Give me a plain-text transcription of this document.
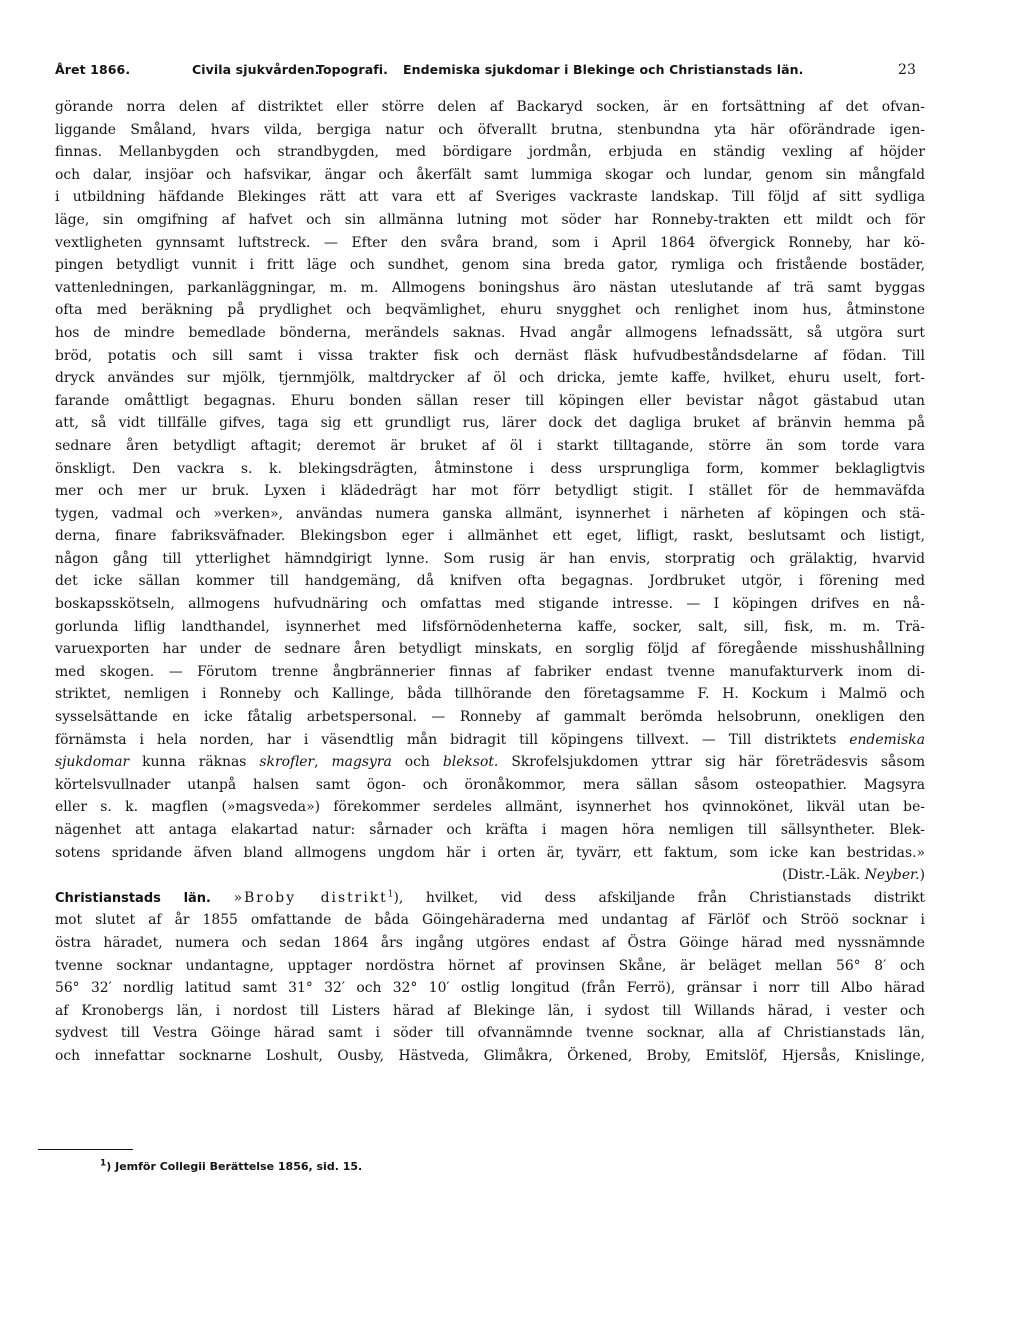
Året 1866.	Civila sjukvården.
Topografi. Endemiska sjukdomar i Blekinge och Christianstads län.	23
görande norra delen af distriktet eller större delen af Backaryd socken, är en fortsättning af det ofvan-
liggande Småland, hvars vilda, bergiga natur och öfverallt brutna, stenbundna yta här oförändrade igen-
finnas. Mellanbygden och strandbygden, med bördigare jordmån, erbjuda en ständig vexling af höjder
och dalar, insjöar och hafsvikar, ängar och åkerfält samt lummiga skogar och lundar, genom sin mångfald
i utbildning häfdande Blekinges rätt att vara ett af Sveriges vackraste landskap. Till följd af sitt sydliga
läge, sin omgifning af hafvet och sin allmänna lutning mot söder har Ronneby-trakten ett mildt och för
vextligheten gynnsamt luftstreck. — Efter den svåra brand, som i April 1864 öfvergick Ronneby, har kö-
pingen betydligt vunnit i fritt läge och sundhet, genom sina breda gator, rymliga och fristående bostäder,
vattenledningen, parkanläggningar, m. m. Allmogens boningshus äro nästan uteslutande af trä samt byggas
ofta med beräkning på prydlighet och beqvämlighet, ehuru snygghet och renlighet inom hus, åtminstone
hos de mindre bemedlade bönderna, merändels saknas. Hvad angår allmogens lefnadssätt, så utgöra surt
bröd, potatis och sill samt i vissa trakter fisk och dernäst fläsk hufvudbeståndsdelarne af födan. Till
dryck användes sur mjölk, tjernmjölk, maltdrycker af öl och dricka, jemte kaffe, hvilket, ehuru uselt, fort-
farande omåttligt begagnas. Ehuru bonden sällan reser till köpingen eller bevistar något gästabud utan
att, så vidt tillfälle gifves, taga sig ett grundligt rus, lärer dock det dagliga bruket af bränvin hemma på
sednare åren betydligt aftagit; deremot är bruket af öl i starkt tilltagande, större än som torde vara
önskligt. Den vackra s. k. blekingsdrägten, åtminstone i dess ursprungliga form, kommer beklagligtvis
mer och mer ur bruk. Lyxen i klädedrägt har mot förr betydligt stigit. I stället för de hemmaväfda
tygen, vadmal och »verken», användas numera ganska allmänt, isynnerhet i närheten af köpingen och stä-
derna, finare fabriksväfnader. Blekingsbon eger i allmänhet ett eget, lifligt, raskt, beslutsamt och listigt,
någon gång till ytterlighet hämndgirigt lynne. Som rusig är han envis, storpratig och grälaktig, hvarvid
det icke sällan kommer till handgemäng, då knifven ofta begagnas. Jordbruket utgör, i förening med
boskapsskötseln, allmogens hufvudnäring och omfattas med stigande intresse. — I köpingen drifves en nå-
gorlunda liflig landthandel, isynnerhet med lifsförnödenheterna kaffe, socker, salt, sill, fisk, m. m. Trä-
varuexporten har under de sednare åren betydligt minskats, en sorglig följd af föregående misshushållning
med skogen. — Förutom trenne ångbrännerier finnas af fabriker endast tvenne manufakturverk inom di-
striktet, nemligen i Ronneby och Kallinge, båda tillhörande den företagsamme F. H. Kockum i Malmö och
sysselsättande en icke fåtalig arbetspersonal. — Ronneby af gammalt berömda helsobrunn, onekligen den
förnämsta i hela norden, har i väsendtlig mån bidragit till köpingens tillvext. — Till distriktets endemiska
sjukdomar kunna räknas skrofler, magsyra och bleksot. Skrofelsjukdomen yttrar sig här företrädesvis såsom
körtelsvullnader utanpå halsen samt ögon- och öronåkommor, mera sällan såsom osteopathier. Magsyra
eller s. k. magflen (»magsveda») förekommer serdeles allmänt, isynnerhet hos qvinnokönet, likväl utan be-
nägenhet att antaga elakartad natur: sårnader och kräfta i magen höra nemligen till sällsyntheter. Blek-
sotens spridande äfven bland allmogens ungdom här i orten är, tyvärr, ett faktum, som icke kan bestridas.»
(Distr.-Läk. Neyber.)
Christianstads län. »Broby distrikt$^1$), hvilket, vid dess afskiljande från Christianstads distrikt
mot slutet af år 1855 omfattande de båda Göingehäraderna med undantag af Färlöf och Ströö socknar i
östra häradet, numera och sedan 1864 års ingång utgöres endast af Östra Göinge härad med nyssnämnde
tvenne socknar undantagne, upptager nordöstra hörnet af provinsen Skåne, är beläget mellan 56° 8′ och
56° 32′ nordlig latitud samt 31° 32′ och 32° 10′ ostlig longitud (från Ferrö), gränsar i norr till Albo härad
af Kronobergs län, i nordost till Listers härad af Blekinge län, i sydost till Willands härad, i vester och
sydvest till Vestra Göinge härad samt i söder till ofvannämnde tvenne socknar, alla af Christianstads län,
och innefattar socknarne Loshult, Ousby, Hästveda, Glimåkra, Örkened, Broby, Emitslöf, Hjersås, Knislinge,
$^1$) Jemför Collegii Berättelse 1856, sid. 15.
